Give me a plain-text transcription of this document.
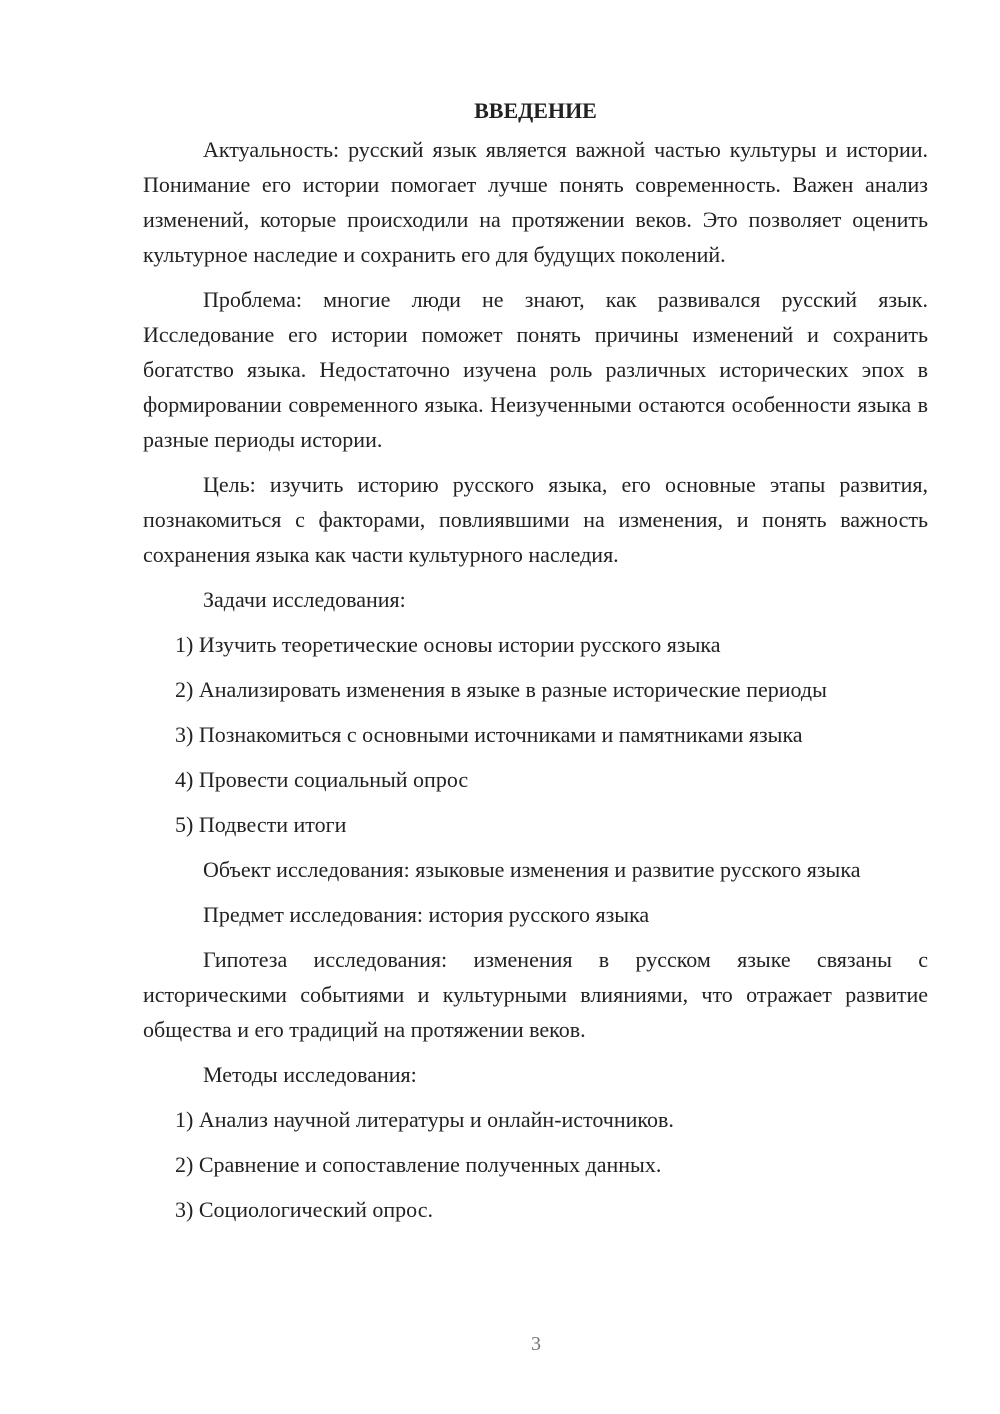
ВВЕДЕНИЕ

Актуальность: русский язык является важной частью культуры и истории. Понимание его истории помогает лучше понять современность. Важен анализ изменений, которые происходили на протяжении веков. Это позволяет оценить культурное наследие и сохранить его для будущих поколений.

Проблема: многие люди не знают, как развивался русский язык. Исследование его истории поможет понять причины изменений и сохранить богатство языка. Недостаточно изучена роль различных исторических эпох в формировании современного языка. Неизученными остаются особенности языка в разные периоды истории.

Цель: изучить историю русского языка, его основные этапы развития, познакомиться с факторами, повлиявшими на изменения, и понять важность сохранения языка как части культурного наследия.

Задачи исследования:

1) Изучить теоретические основы истории русского языка

2) Анализировать изменения в языке в разные исторические периоды

3) Познакомиться с основными источниками и памятниками языка

4) Провести социальный опрос

5) Подвести итоги

Объект исследования: языковые изменения и развитие русского языка

Предмет исследования: история русского языка

Гипотеза исследования: изменения в русском языке связаны с историческими событиями и культурными влияниями, что отражает развитие общества и его традиций на протяжении веков.

Методы исследования:

1) Анализ научной литературы и онлайн-источников.

2) Сравнение и сопоставление полученных данных.

3) Социологический опрос.

3
